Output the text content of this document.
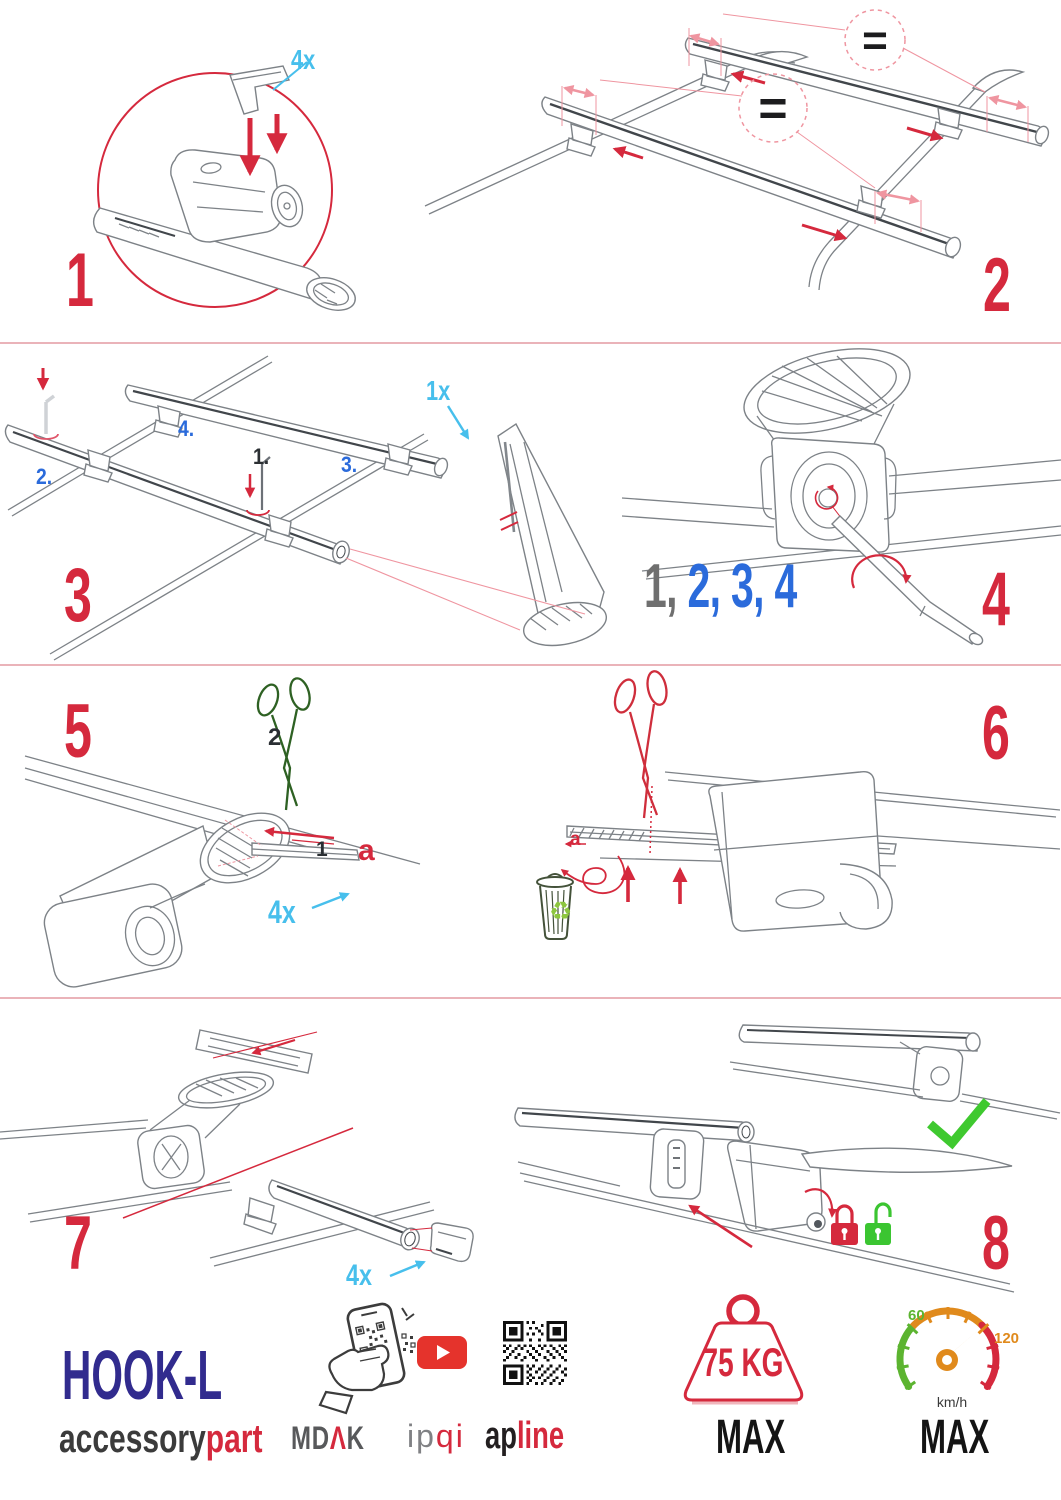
=
=
1	2
3	4
5	6
7	8
4x
1x
4x
4x
1.
2.	3.
4.
1, 2, 3, 4
2
1 a	a
♻
HOOK-L
accessorypart MDΛK ipqi apline
75 KG
MAX
60
120
km/h
MAX
